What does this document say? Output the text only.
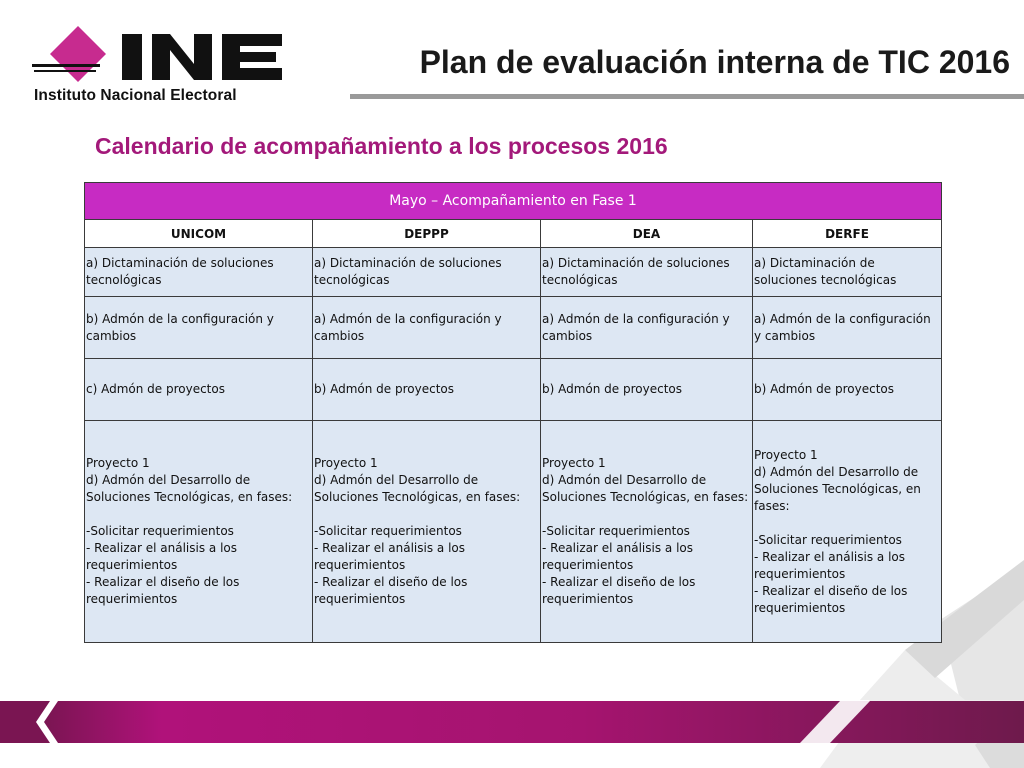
Instituto Nacional Electoral
Plan de evaluación interna de TIC 2016
Calendario de acompañamiento a los procesos 2016
Mayo – Acompañamiento en Fase 1			
UNICOM	DEPPP	DEA	DERFE
a) Dictaminación de soluciones tecnológicas	a) Dictaminación de soluciones tecnológicas	a) Dictaminación de soluciones tecnológicas	a) Dictaminación de soluciones tecnológicas
b) Admón de la configuración y cambios	a) Admón de la configuración y cambios	a) Admón de la configuración y cambios	a) Admón de la configuración y cambios
c) Admón de proyectos	b) Admón de proyectos	b) Admón de proyectos	b) Admón de proyectos
Proyecto 1
d) Admón del Desarrollo de Soluciones Tecnológicas, en fases:

-Solicitar requerimientos
- Realizar el análisis a los requerimientos
- Realizar el diseño de los requerimientos	Proyecto 1
d) Admón del Desarrollo de Soluciones Tecnológicas, en fases:

-Solicitar requerimientos
- Realizar el análisis a los requerimientos
- Realizar el diseño de los requerimientos	Proyecto 1
d) Admón del Desarrollo de Soluciones Tecnológicas, en fases:

-Solicitar requerimientos
- Realizar el análisis a los requerimientos
- Realizar el diseño de los requerimientos	Proyecto 1
d) Admón del Desarrollo de Soluciones Tecnológicas, en fases:

-Solicitar requerimientos
- Realizar el análisis a los requerimientos
- Realizar el diseño de los requerimientos
